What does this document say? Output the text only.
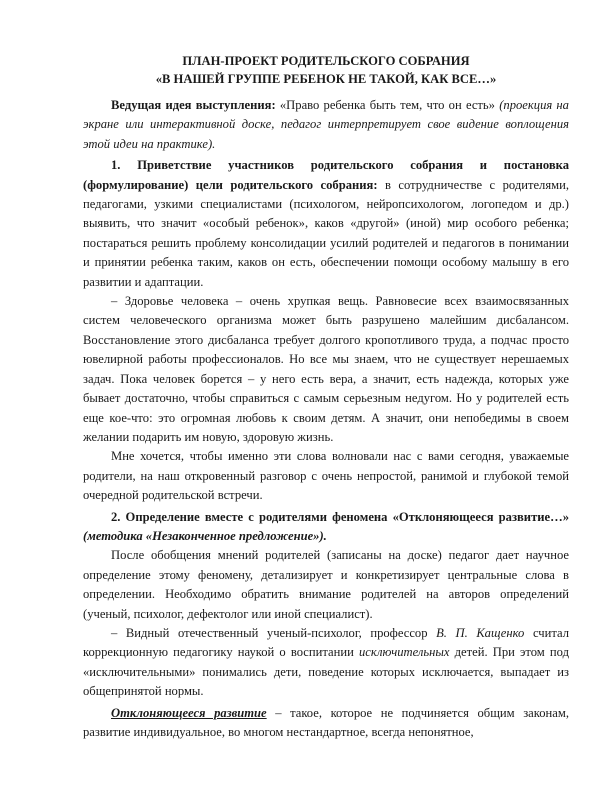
ПЛАН-ПРОЕКТ РОДИТЕЛЬСКОГО СОБРАНИЯ
«В НАШЕЙ ГРУППЕ РЕБЕНОК НЕ ТАКОЙ, КАК ВСЕ…»

Ведущая идея выступления: «Право ребенка быть тем, что он есть» (проекция на экране или интерактивной доске, педагог интерпретирует свое видение воплощения этой идеи на практике).

1. Приветствие участников родительского собрания и постановка (формулирование) цели родительского собрания: в сотрудничестве с родителями, педагогами, узкими специалистами (психологом, нейропсихологом, логопедом и др.) выявить, что значит «особый ребенок», каков «другой» (иной) мир особого ребенка; постараться решить проблему консолидации усилий родителей и педагогов в понимании и принятии ребенка таким, каков он есть, обеспечении помощи особому малышу в его развитии и адаптации.

– Здоровье человека – очень хрупкая вещь. Равновесие всех взаимосвязанных систем человеческого организма может быть разрушено малейшим дисбалансом. Восстановление этого дисбаланса требует долгого кропотливого труда, а подчас просто ювелирной работы профессионалов. Но все мы знаем, что не существует нерешаемых задач. Пока человек борется – у него есть вера, а значит, есть надежда, которых уже бывает достаточно, чтобы справиться с самым серьезным недугом. Но у родителей есть еще кое-что: это огромная любовь к своим детям. А значит, они непобедимы в своем желании подарить им новую, здоровую жизнь.

Мне хочется, чтобы именно эти слова волновали нас с вами сегодня, уважаемые родители, на наш откровенный разговор с очень непростой, ранимой и глубокой темой очередной родительской встречи.

2. Определение вместе с родителями феномена «Отклоняющееся развитие…» (методика «Незаконченное предложение»).

После обобщения мнений родителей (записаны на доске) педагог дает научное определение этому феномену, детализирует и конкретизирует центральные слова в определении. Необходимо обратить внимание родителей на авторов определений (ученый, психолог, дефектолог или иной специалист).

– Видный отечественный ученый-психолог, профессор В. П. Кащенко считал коррекционную педагогику наукой о воспитании исключительных детей. При этом под «исключительными» понимались дети, поведение которых исключается, выпадает из общепринятой нормы.

Отклоняющееся развитие – такое, которое не подчиняется общим законам, развитие индивидуальное, во многом нестандартное, всегда непонятное,
